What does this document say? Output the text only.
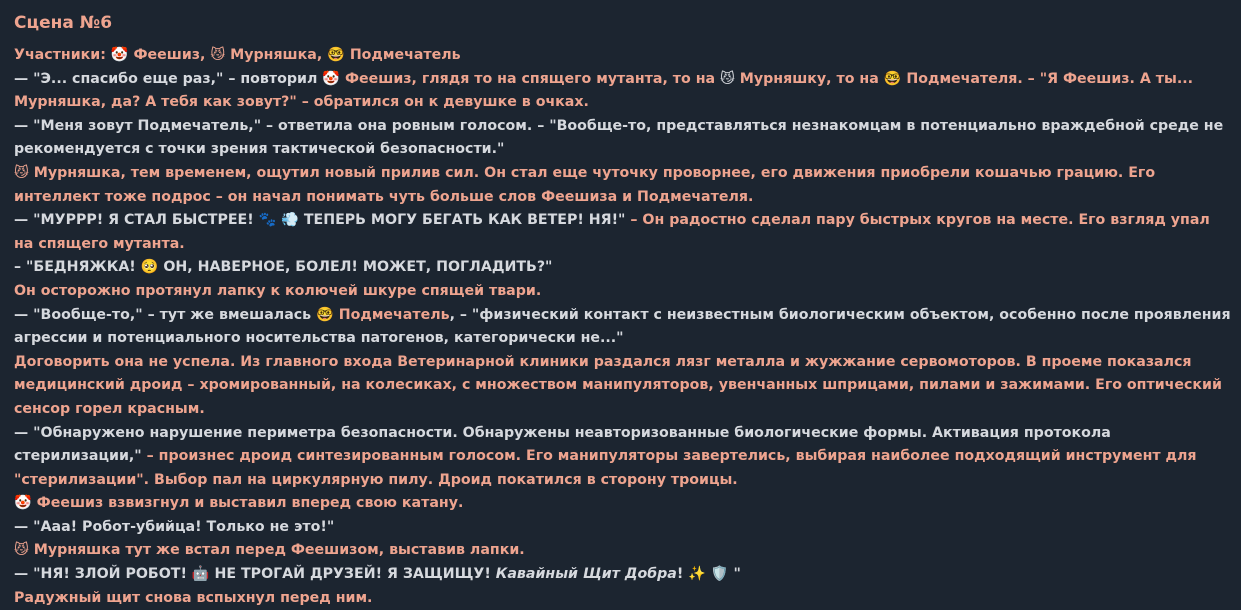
Сцена №6

Участники: 🤡 Феешиз, 😼 Мурняшка, 🤓 Подмечатель

— "Э... спасибо еще раз," – повторил 🤡 Феешиз, глядя то на спящего мутанта, то на 😼 Мурняшку, то на 🤓 Подмечателя. – "Я Феешиз. А ты... Мурняшка, да? А тебя как зовут?" – обратился он к девушке в очках.

— "Меня зовут Подмечатель," – ответила она ровным голосом. – "Вообще-то, представляться незнакомцам в потенциально враждебной среде не рекомендуется с точки зрения тактической безопасности."

😼 Мурняшка, тем временем, ощутил новый прилив сил. Он стал еще чуточку проворнее, его движения приобрели кошачью грацию. Его интеллект тоже подрос – он начал понимать чуть больше слов Феешиза и Подмечателя.

— "МУРРР! Я СТАЛ БЫСТРЕЕ! 🐾 💨 ТЕПЕРЬ МОГУ БЕГАТЬ КАК ВЕТЕР! НЯ!" – Он радостно сделал пару быстрых кругов на месте. Его взгляд упал на спящего мутанта.
– "БЕДНЯЖКА! 🥺 ОН, НАВЕРНОЕ, БОЛЕЛ! МОЖЕТ, ПОГЛАДИТЬ?"

Он осторожно протянул лапку к колючей шкуре спящей твари.

— "Вообще-то," – тут же вмешалась 🤓 Подмечатель, – "физический контакт с неизвестным биологическим объектом, особенно после проявления агрессии и потенциального носительства патогенов, категорически не..."

Договорить она не успела. Из главного входа Ветеринарной клиники раздался лязг металла и жужжание сервомоторов. В проеме показался медицинский дроид – хромированный, на колесиках, с множеством манипуляторов, увенчанных шприцами, пилами и зажимами. Его оптический сенсор горел красным.

— "Обнаружено нарушение периметра безопасности. Обнаружены неавторизованные биологические формы. Активация протокола стерилизации," – произнес дроид синтезированным голосом. Его манипуляторы завертелись, выбирая наиболее подходящий инструмент для "стерилизации". Выбор пал на циркулярную пилу. Дроид покатился в сторону троицы.

🤡 Феешиз взвизгнул и выставил вперед свою катану.

— "Ааа! Робот-убийца! Только не это!"

😼 Мурняшка тут же встал перед Феешизом, выставив лапки.

— "НЯ! ЗЛОЙ РОБОТ! 🤖 НЕ ТРОГАЙ ДРУЗЕЙ! Я ЗАЩИЩУ! Кавайный Щит Добра! ✨ 🛡️ "

Радужный щит снова вспыхнул перед ним.
